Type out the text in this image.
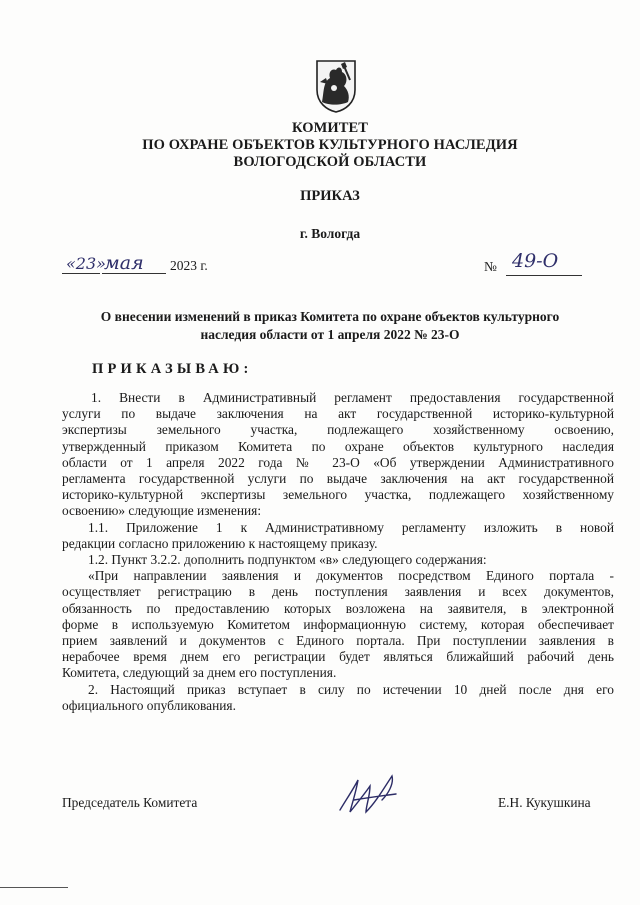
КОМИТЕТ
ПО ОХРАНЕ ОБЪЕКТОВ КУЛЬТУРНОГО НАСЛЕДИЯ
ВОЛОГОДСКОЙ ОБЛАСТИ
ПРИКАЗ
г. Вологда
«23»
мая 2023 г.	№ 49-О
О внесении изменений в приказ Комитета по охране объектов культурного
наследия области от 1 апреля 2022 № 23-О
ПРИКАЗЫВАЮ:
1. Внести в Административный регламент предоставления государственной
услуги по выдаче заключения на акт государственной историко-культурной
экспертизы земельного участка, подлежащего хозяйственному освоению,
утвержденный приказом Комитета по охране объектов культурного наследия
области от 1 апреля 2022 года № 23-О «Об утверждении Административного
регламента государственной услуги по выдаче заключения на акт государственной
историко-культурной экспертизы земельного участка, подлежащего хозяйственному
освоению» следующие изменения:
1.1. Приложение 1 к Административному регламенту изложить в новой
редакции согласно приложению к настоящему приказу.
1.2. Пункт 3.2.2. дополнить подпунктом «в» следующего содержания:
«При направлении заявления и документов посредством Единого портала -
осуществляет регистрацию в день поступления заявления и всех документов,
обязанность по предоставлению которых возложена на заявителя, в электронной
форме в используемую Комитетом информационную систему, которая обеспечивает
прием заявлений и документов с Единого портала. При поступлении заявления в
нерабочее время днем его регистрации будет являться ближайший рабочий день
Комитета, следующий за днем его поступления.
2. Настоящий приказ вступает в силу по истечении 10 дней после дня его
официального опубликования.
Председатель Комитета	Е.Н. Кукушкина
